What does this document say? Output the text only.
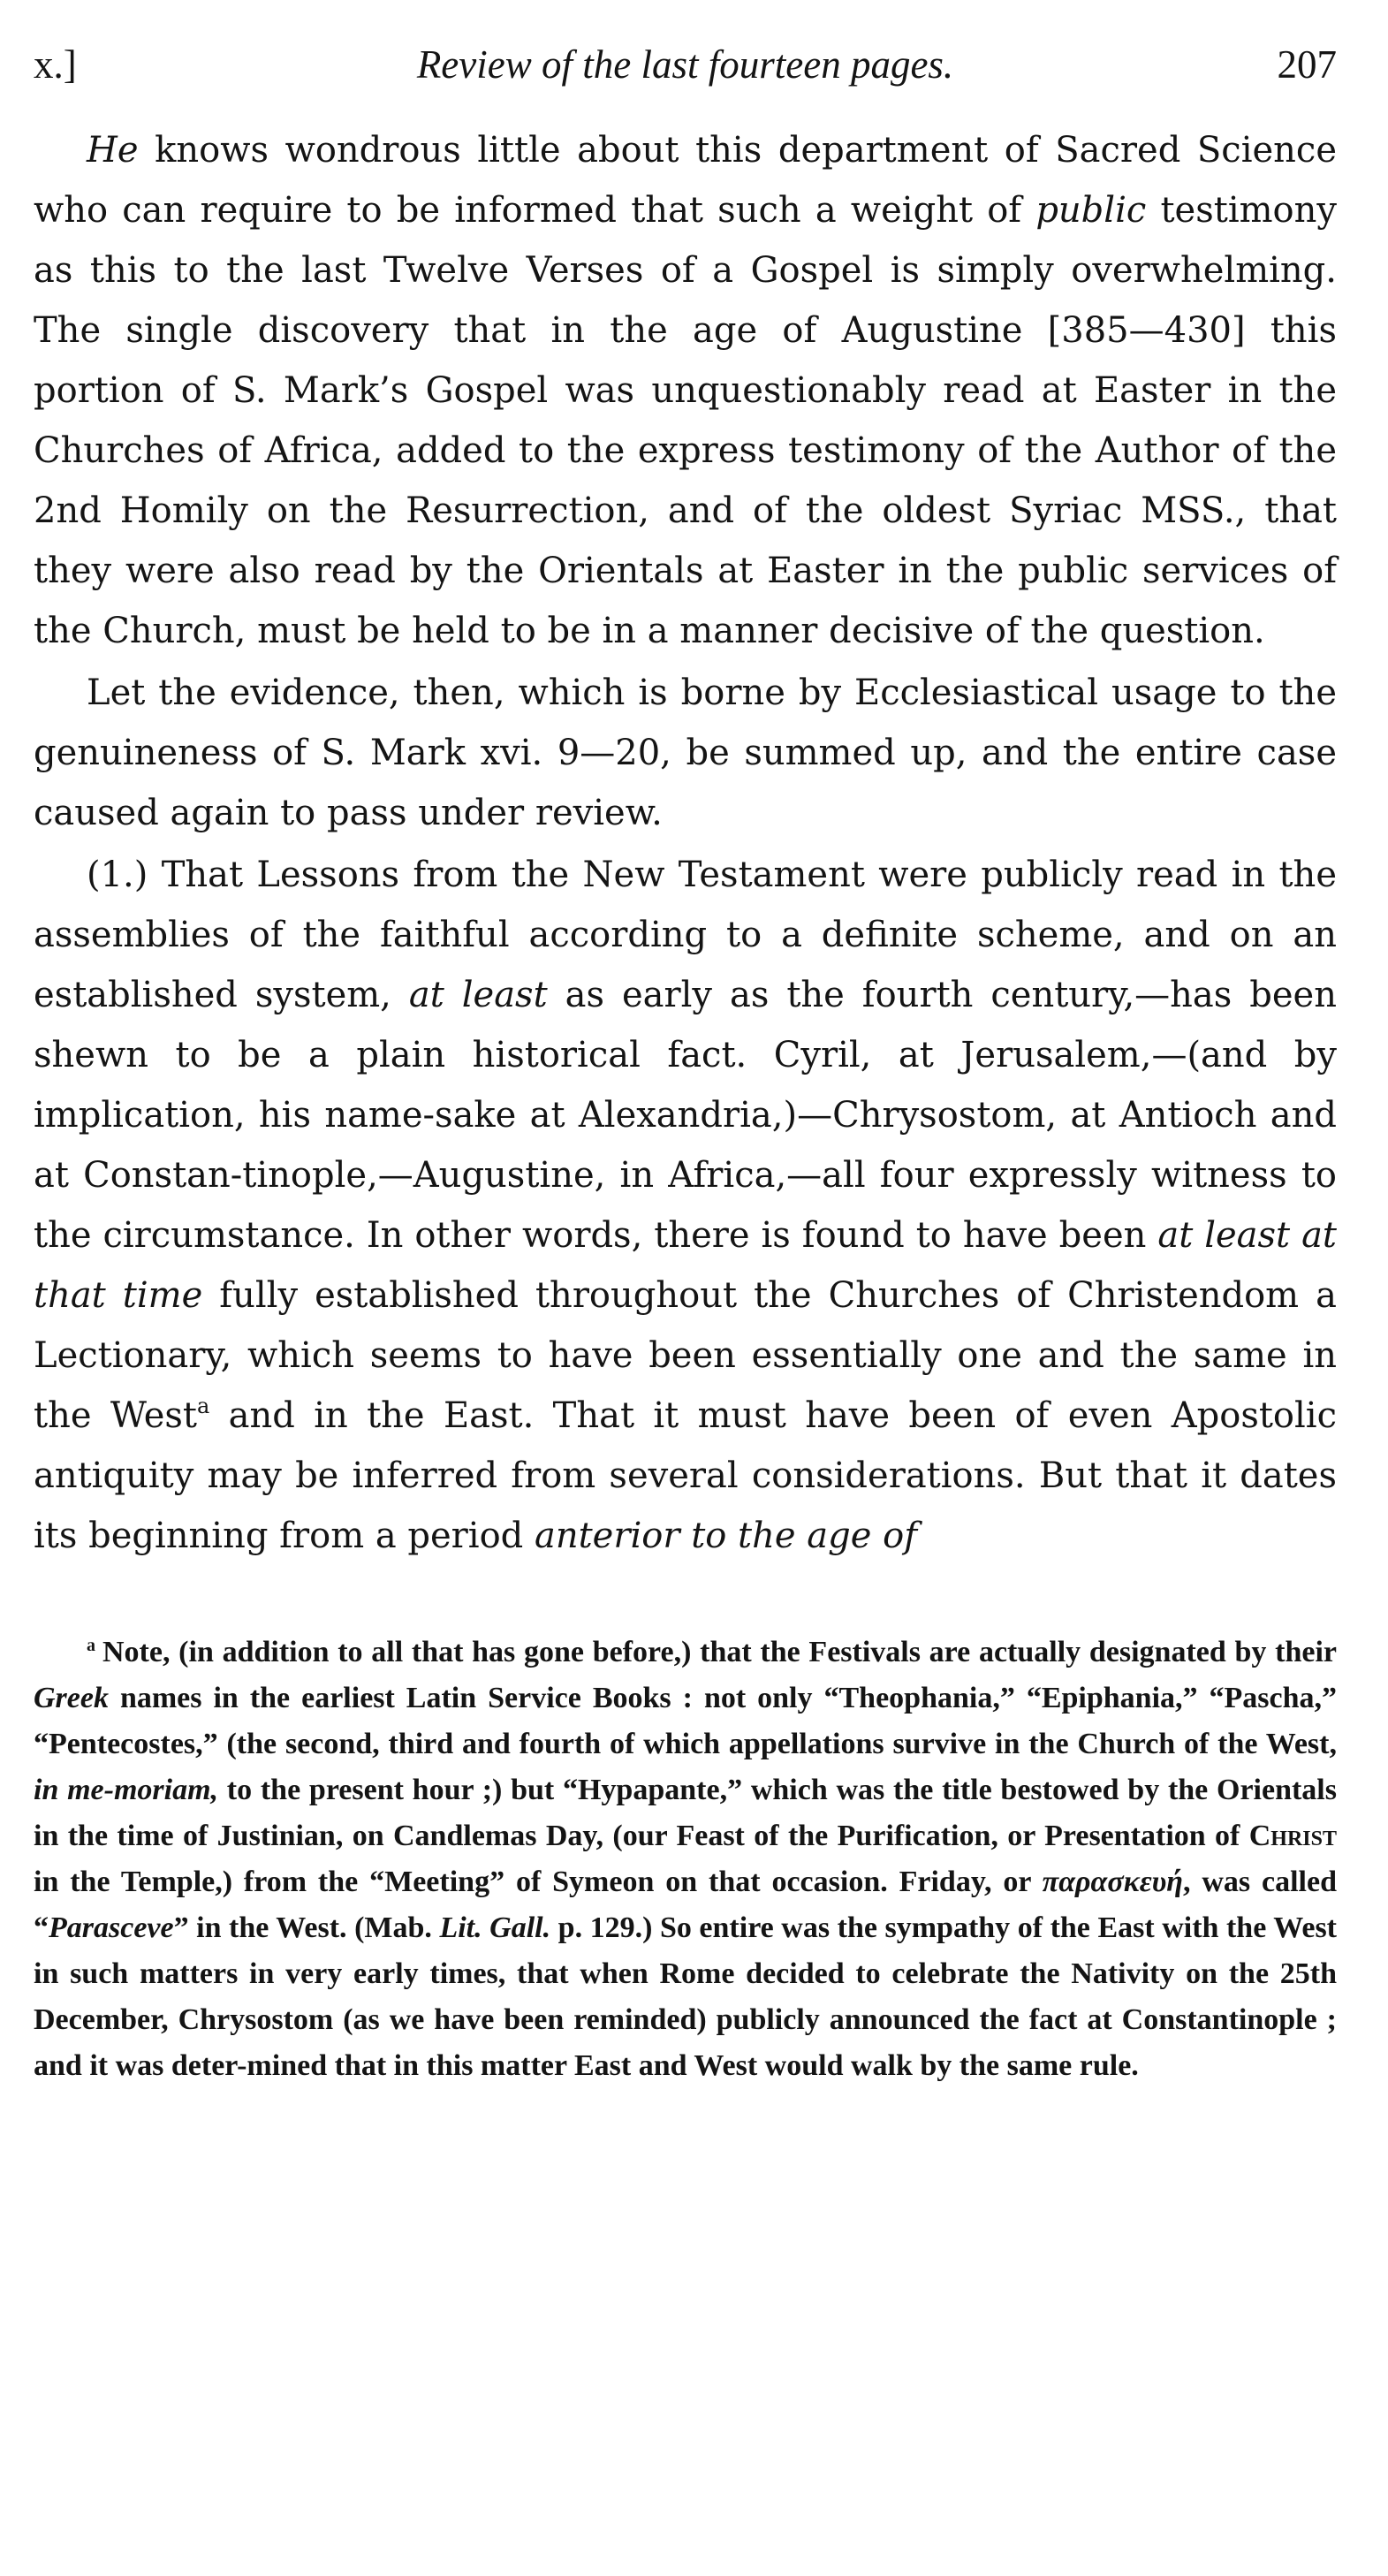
x.]	Review of the last fourteen pages.	207

He knows wondrous little about this department of Sacred Science who can require to be informed that such a weight of public testimony as this to the last Twelve Verses of a Gospel is simply overwhelming. The single discovery that in the age of Augustine [385—430] this portion of S. Mark’s Gospel was unquestionably read at Easter in the Churches of Africa, added to the express testimony of the Author of the 2nd Homily on the Resurrection, and of the oldest Syriac MSS., that they were also read by the Orientals at Easter in the public services of the Church, must be held to be in a manner decisive of the question.

Let the evidence, then, which is borne by Ecclesiastical usage to the genuineness of S. Mark xvi. 9—20, be summed up, and the entire case caused again to pass under review.

(1.) That Lessons from the New Testament were publicly read in the assemblies of the faithful according to a definite scheme, and on an established system, at least as early as the fourth century,—has been shewn to be a plain historical fact. Cyril, at Jerusalem,—(and by implication, his name-sake at Alexandria,)—Chrysostom, at Antioch and at Constan-tinople,—Augustine, in Africa,—all four expressly witness to the circumstance. In other words, there is found to have been at least at that time fully established throughout the Churches of Christendom a Lectionary, which seems to have been essentially one and the same in the West$^a$ and in the East. That it must have been of even Apostolic antiquity may be inferred from several considerations. But that it dates its beginning from a period anterior to the age of

$^a$ Note, (in addition to all that has gone before,) that the Festivals are actually designated by their Greek names in the earliest Latin Service Books : not only “Theophania,” “Epiphania,” “Pascha,” “Pentecostes,” (the second, third and fourth of which appellations survive in the Church of the West, in me-moriam, to the present hour ;) but “Hypapante,” which was the title bestowed by the Orientals in the time of Justinian, on Candlemas Day, (our Feast of the Purification, or Presentation of Christ in the Temple,) from the “Meeting” of Symeon on that occasion. Friday, or παρασκευή, was called “Parasceve” in the West. (Mab. Lit. Gall. p. 129.) So entire was the sympathy of the East with the West in such matters in very early times, that when Rome decided to celebrate the Nativity on the 25th December, Chrysostom (as we have been reminded) publicly announced the fact at Constantinople ; and it was deter-mined that in this matter East and West would walk by the same rule.
